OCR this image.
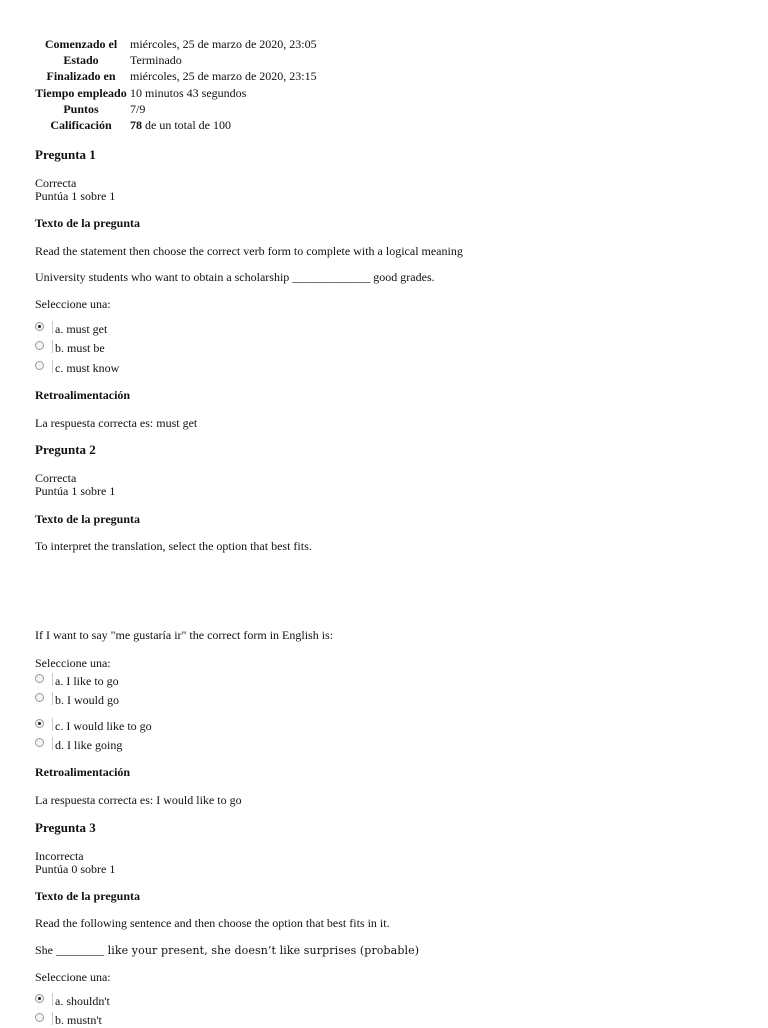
Comenzado el	miércoles, 25 de marzo de 2020, 23:05
Estado	Terminado
Finalizado en	miércoles, 25 de marzo de 2020, 23:15
Tiempo empleado	10 minutos 43 segundos
Puntos	7/9
Calificación	78 de un total de 100
Pregunta 1
Correcta
Puntúa 1 sobre 1
Texto de la pregunta
Read the statement then choose the correct verb form to complete with a logical meaning
University students who want to obtain a scholarship _____________ good grades.
Seleccione una:
a. must get
b. must be
c. must know
Retroalimentación
La respuesta correcta es: must get
Pregunta 2
Correcta
Puntúa 1 sobre 1
Texto de la pregunta
To interpret the translation, select the option that best fits.
If I want to say "me gustaría ir" the correct form in English is:
Seleccione una:
a. I like to go
b. I would go
c. I would like to go
d. I like going
Retroalimentación
La respuesta correcta es: I would like to go
Pregunta 3
Incorrecta
Puntúa 0 sobre 1
Texto de la pregunta
Read the following sentence and then choose the option that best fits in it.
She ________ like your present, she doesn’t like surprises (probable)
Seleccione una:
a. shouldn't
b. mustn't
